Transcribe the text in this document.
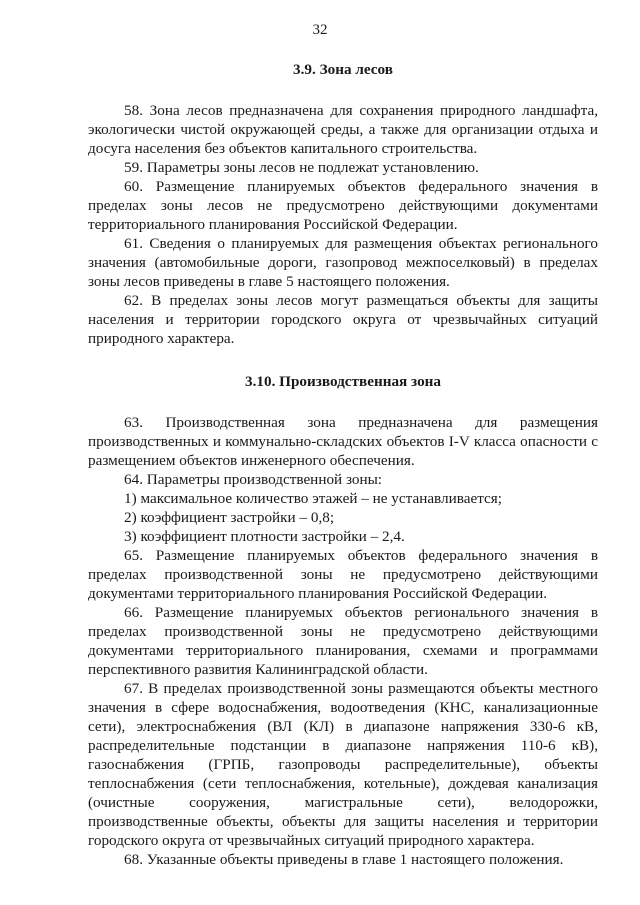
32

3.9. Зона лесов

58. Зона лесов предназначена для сохранения природного ландшафта, экологически чистой окружающей среды, а также для организации отдыха и досуга населения без объектов капитального строительства.

59. Параметры зоны лесов не подлежат установлению.

60. Размещение планируемых объектов федерального значения в пределах зоны лесов не предусмотрено действующими документами территориального планирования Российской Федерации.

61. Сведения о планируемых для размещения объектах регионального значения (автомобильные дороги, газопровод межпоселковый) в пределах зоны лесов приведены в главе 5 настоящего положения.

62. В пределах зоны лесов могут размещаться объекты для защиты населения и территории городского округа от чрезвычайных ситуаций природного характера.

3.10. Производственная зона

63. Производственная зона предназначена для размещения производственных и коммунально-складских объектов I-V класса опасности с размещением объектов инженерного обеспечения.

64. Параметры производственной зоны:

1) максимальное количество этажей – не устанавливается;

2) коэффициент застройки – 0,8;

3) коэффициент плотности застройки – 2,4.

65. Размещение планируемых объектов федерального значения в пределах производственной зоны не предусмотрено действующими документами территориального планирования Российской Федерации.

66. Размещение планируемых объектов регионального значения в пределах производственной зоны не предусмотрено действующими документами территориального планирования, схемами и программами перспективного развития Калининградской области.

67. В пределах производственной зоны размещаются объекты местного значения в сфере водоснабжения, водоотведения (КНС, канализационные сети), электроснабжения (ВЛ (КЛ) в диапазоне напряжения 330-6 кВ, распределительные подстанции в диапазоне напряжения 110-6 кВ), газоснабжения (ГРПБ, газопроводы распределительные), объекты теплоснабжения (сети теплоснабжения, котельные), дождевая канализация (очистные сооружения, магистральные сети), велодорожки, производственные объекты, объекты для защиты населения и территории городского округа от чрезвычайных ситуаций природного характера.

68. Указанные объекты приведены в главе 1 настоящего положения.
